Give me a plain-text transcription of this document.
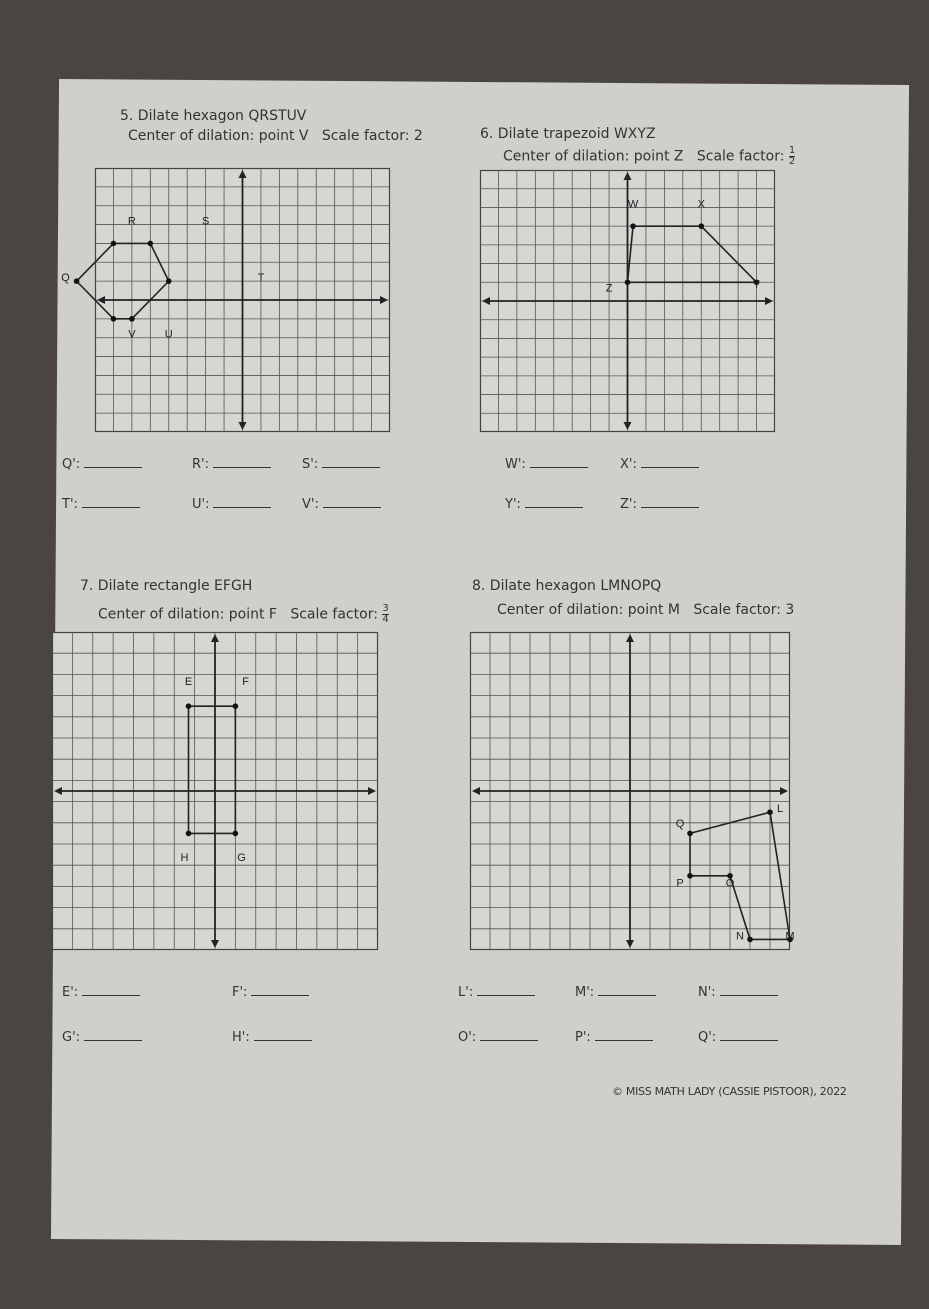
5. Dilate hexagon QRSTUV
Center of dilation: point V Scale factor: 2	6. Dilate trapezoid WXYZ
Center of dilation: point Z Scale factor: $\frac{1}{2}$
7. Dilate rectangle EFGH
Center of dilation: point F Scale factor: $\frac{3}{4}$
8. Dilate hexagon LMNOPQ
Center of dilation: point M Scale factor: 3
Q
R	S
T
U
V
W	X
Y
Z
E	F
G
H
L
M
N
O
P
Q
Q':	R':	S':
T':	U':	V':
W':	X':
Y':	Z':
E':	F':
G':	H':
L':	M':	N':
O':	P':	Q':
© MISS MATH LADY (CASSIE PISTOOR), 2022
